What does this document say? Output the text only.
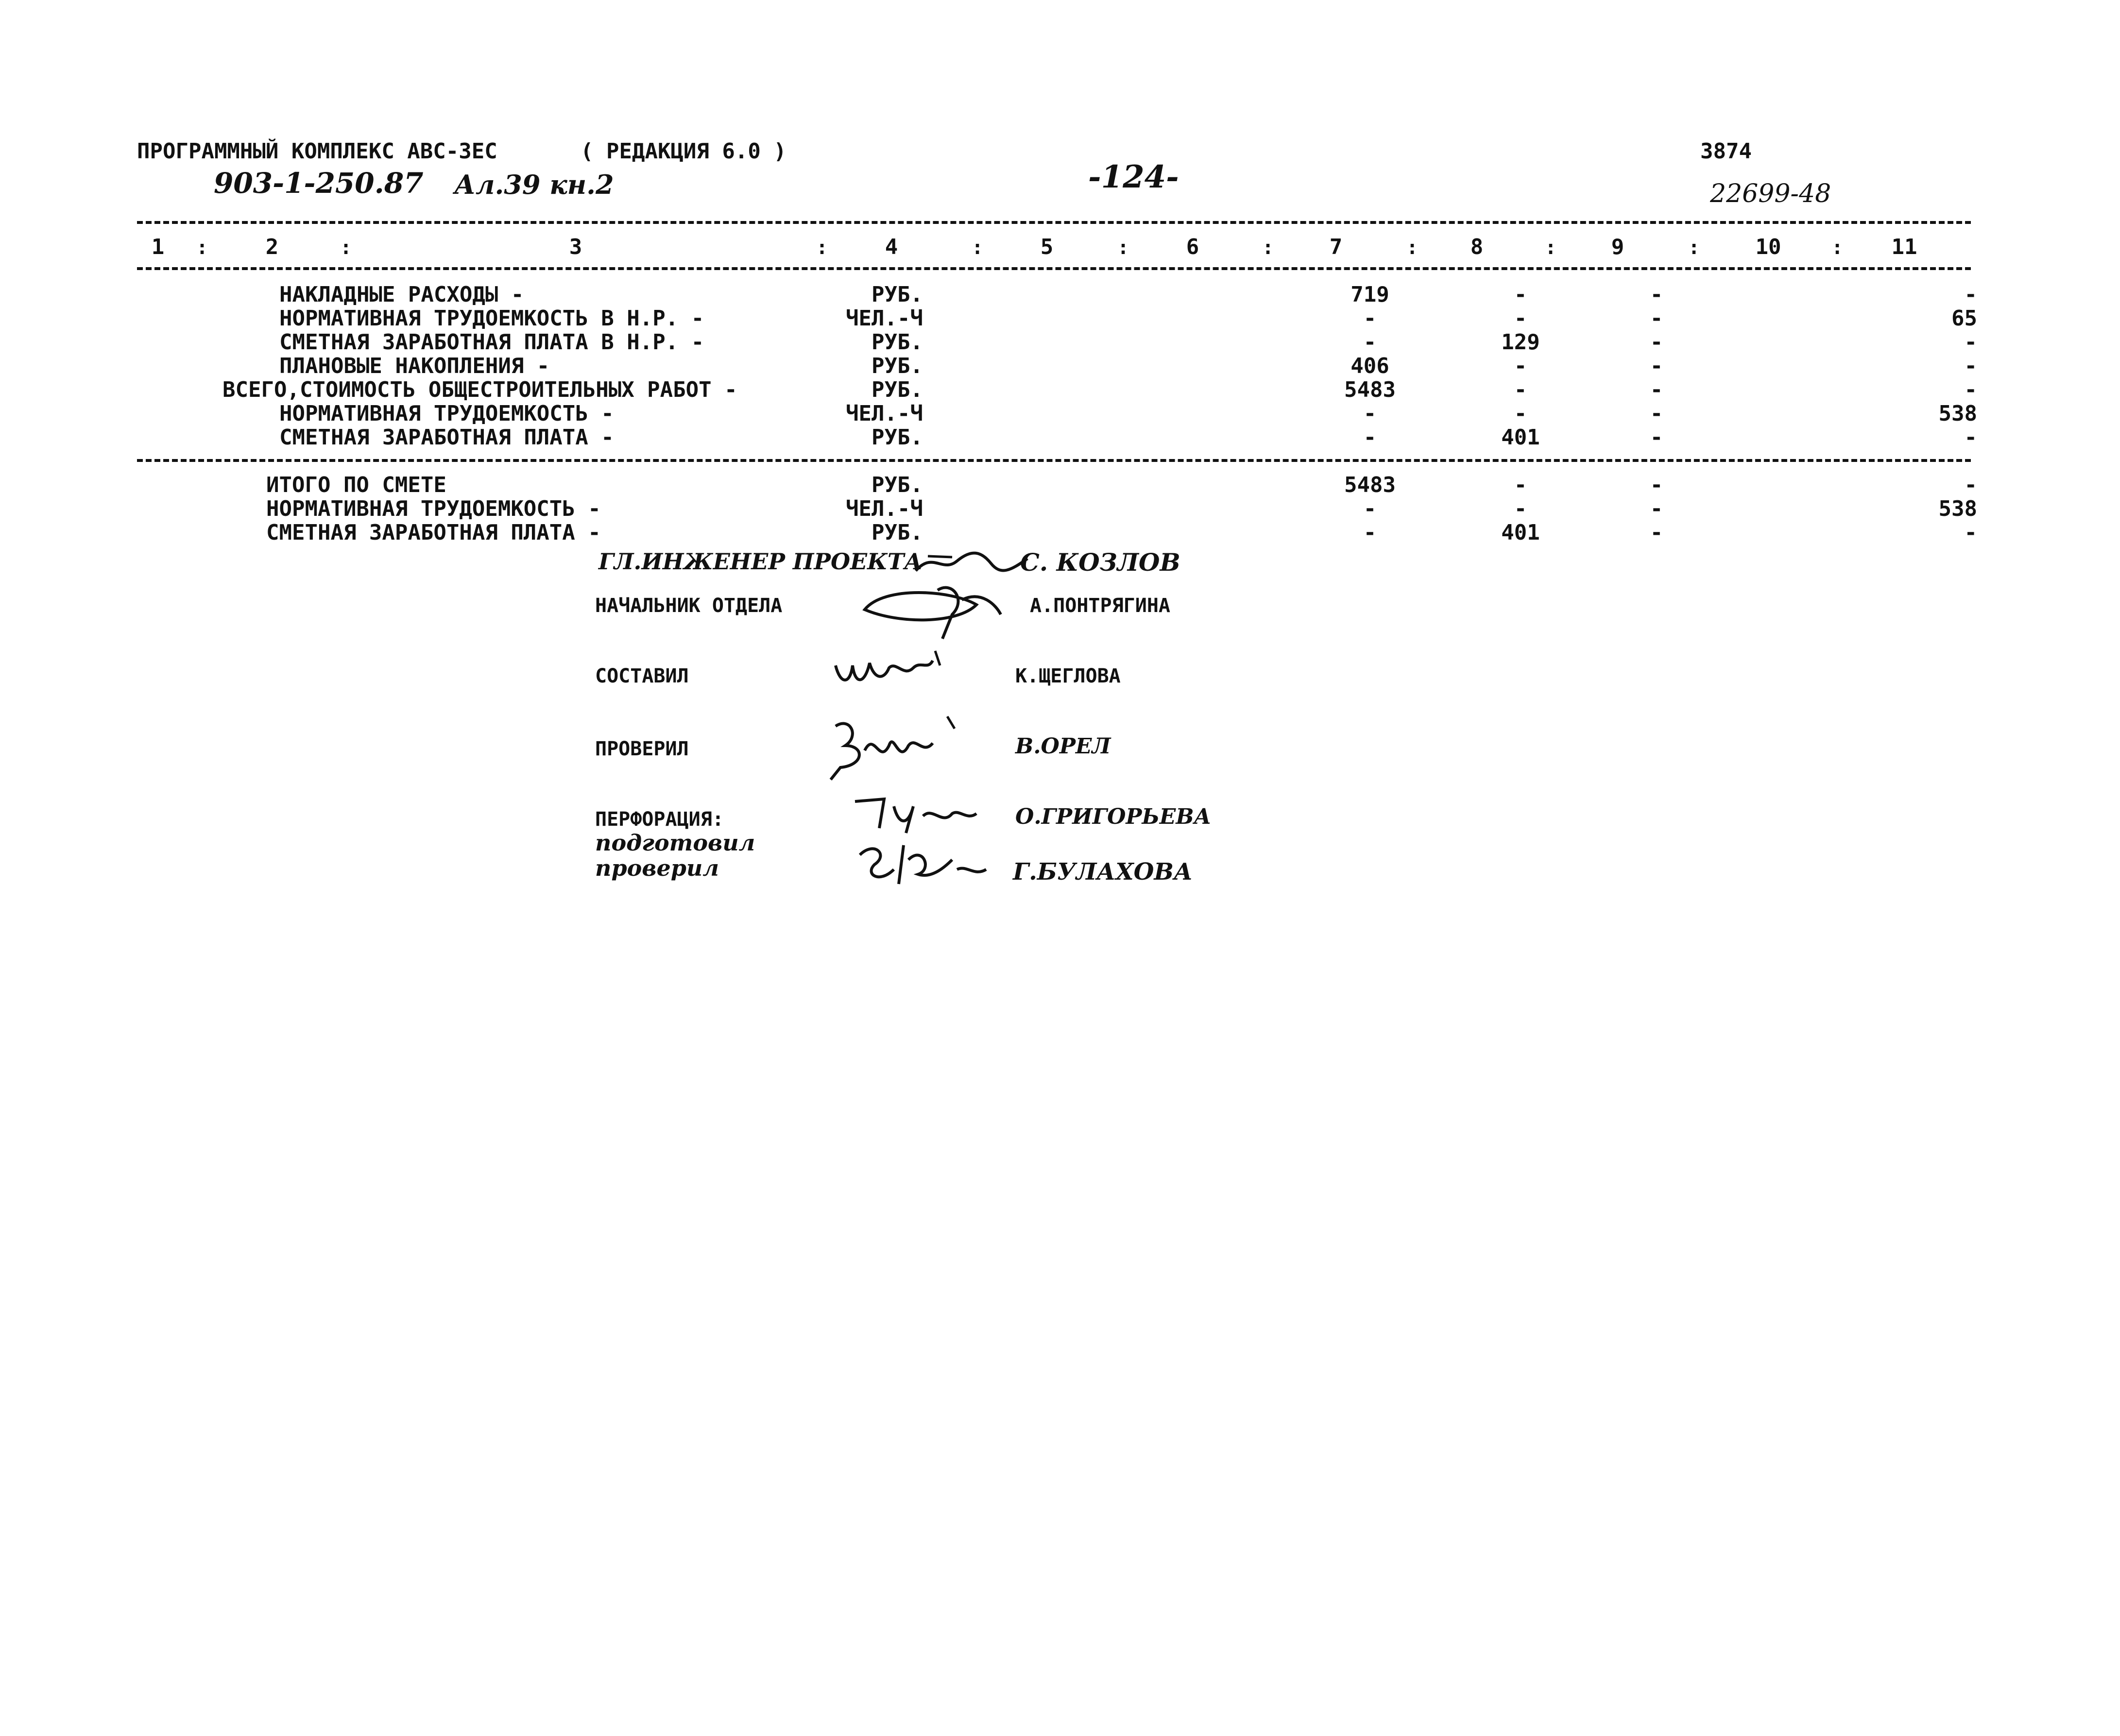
ПРОГРАММНЫЙ КОМПЛЕКС АВС-3ЕС	( РЕДАКЦИЯ 6.0 )	3874
903-1-250.87 Ал.39 кн.2	-124-	22699-48
1	:	2	:	3	:	4	:	5	:	6	:	7	:	8	:	9	:	10	:	11
НАКЛАДНЫЕ РАСХОДЫ -	РУБ.	719	-	-	-
НОРМАТИВНАЯ ТРУДОЕМКОСТЬ В Н.Р. -	ЧЕЛ.-Ч	-	-	-	65
СМЕТНАЯ ЗАРАБОТНАЯ ПЛАТА В Н.Р. -	РУБ.	-	129	-	-
ПЛАНОВЫЕ НАКОПЛЕНИЯ -	РУБ.	406	-	-	-
ВСЕГО,СТОИМОСТЬ ОБЩЕСТРОИТЕЛЬНЫХ РАБОТ -	РУБ.	5483	-	-	-
НОРМАТИВНАЯ ТРУДОЕМКОСТЬ -	ЧЕЛ.-Ч	-	-	-	538
СМЕТНАЯ ЗАРАБОТНАЯ ПЛАТА -	РУБ.	-	401	-	-
ИТОГО ПО СМЕТЕ	РУБ.	5483	-	-	-
НОРМАТИВНАЯ ТРУДОЕМКОСТЬ -	ЧЕЛ.-Ч	-	-	-	538
СМЕТНАЯ ЗАРАБОТНАЯ ПЛАТА -	РУБ.	-	401	-	-
ГЛ.ИНЖЕНЕР ПРОЕКТА	С. КОЗЛОВ
НАЧАЛЬНИК ОТДЕЛА	А.ПОНТРЯГИНА
СОСТАВИЛ	К.ЩЕГЛОВА
ПРОВЕРИЛ	В.ОРЕЛ
ПЕРФОРАЦИЯ:	О.ГРИГОРЬЕВА
подготовил
проверил	Г.БУЛАХОВА
